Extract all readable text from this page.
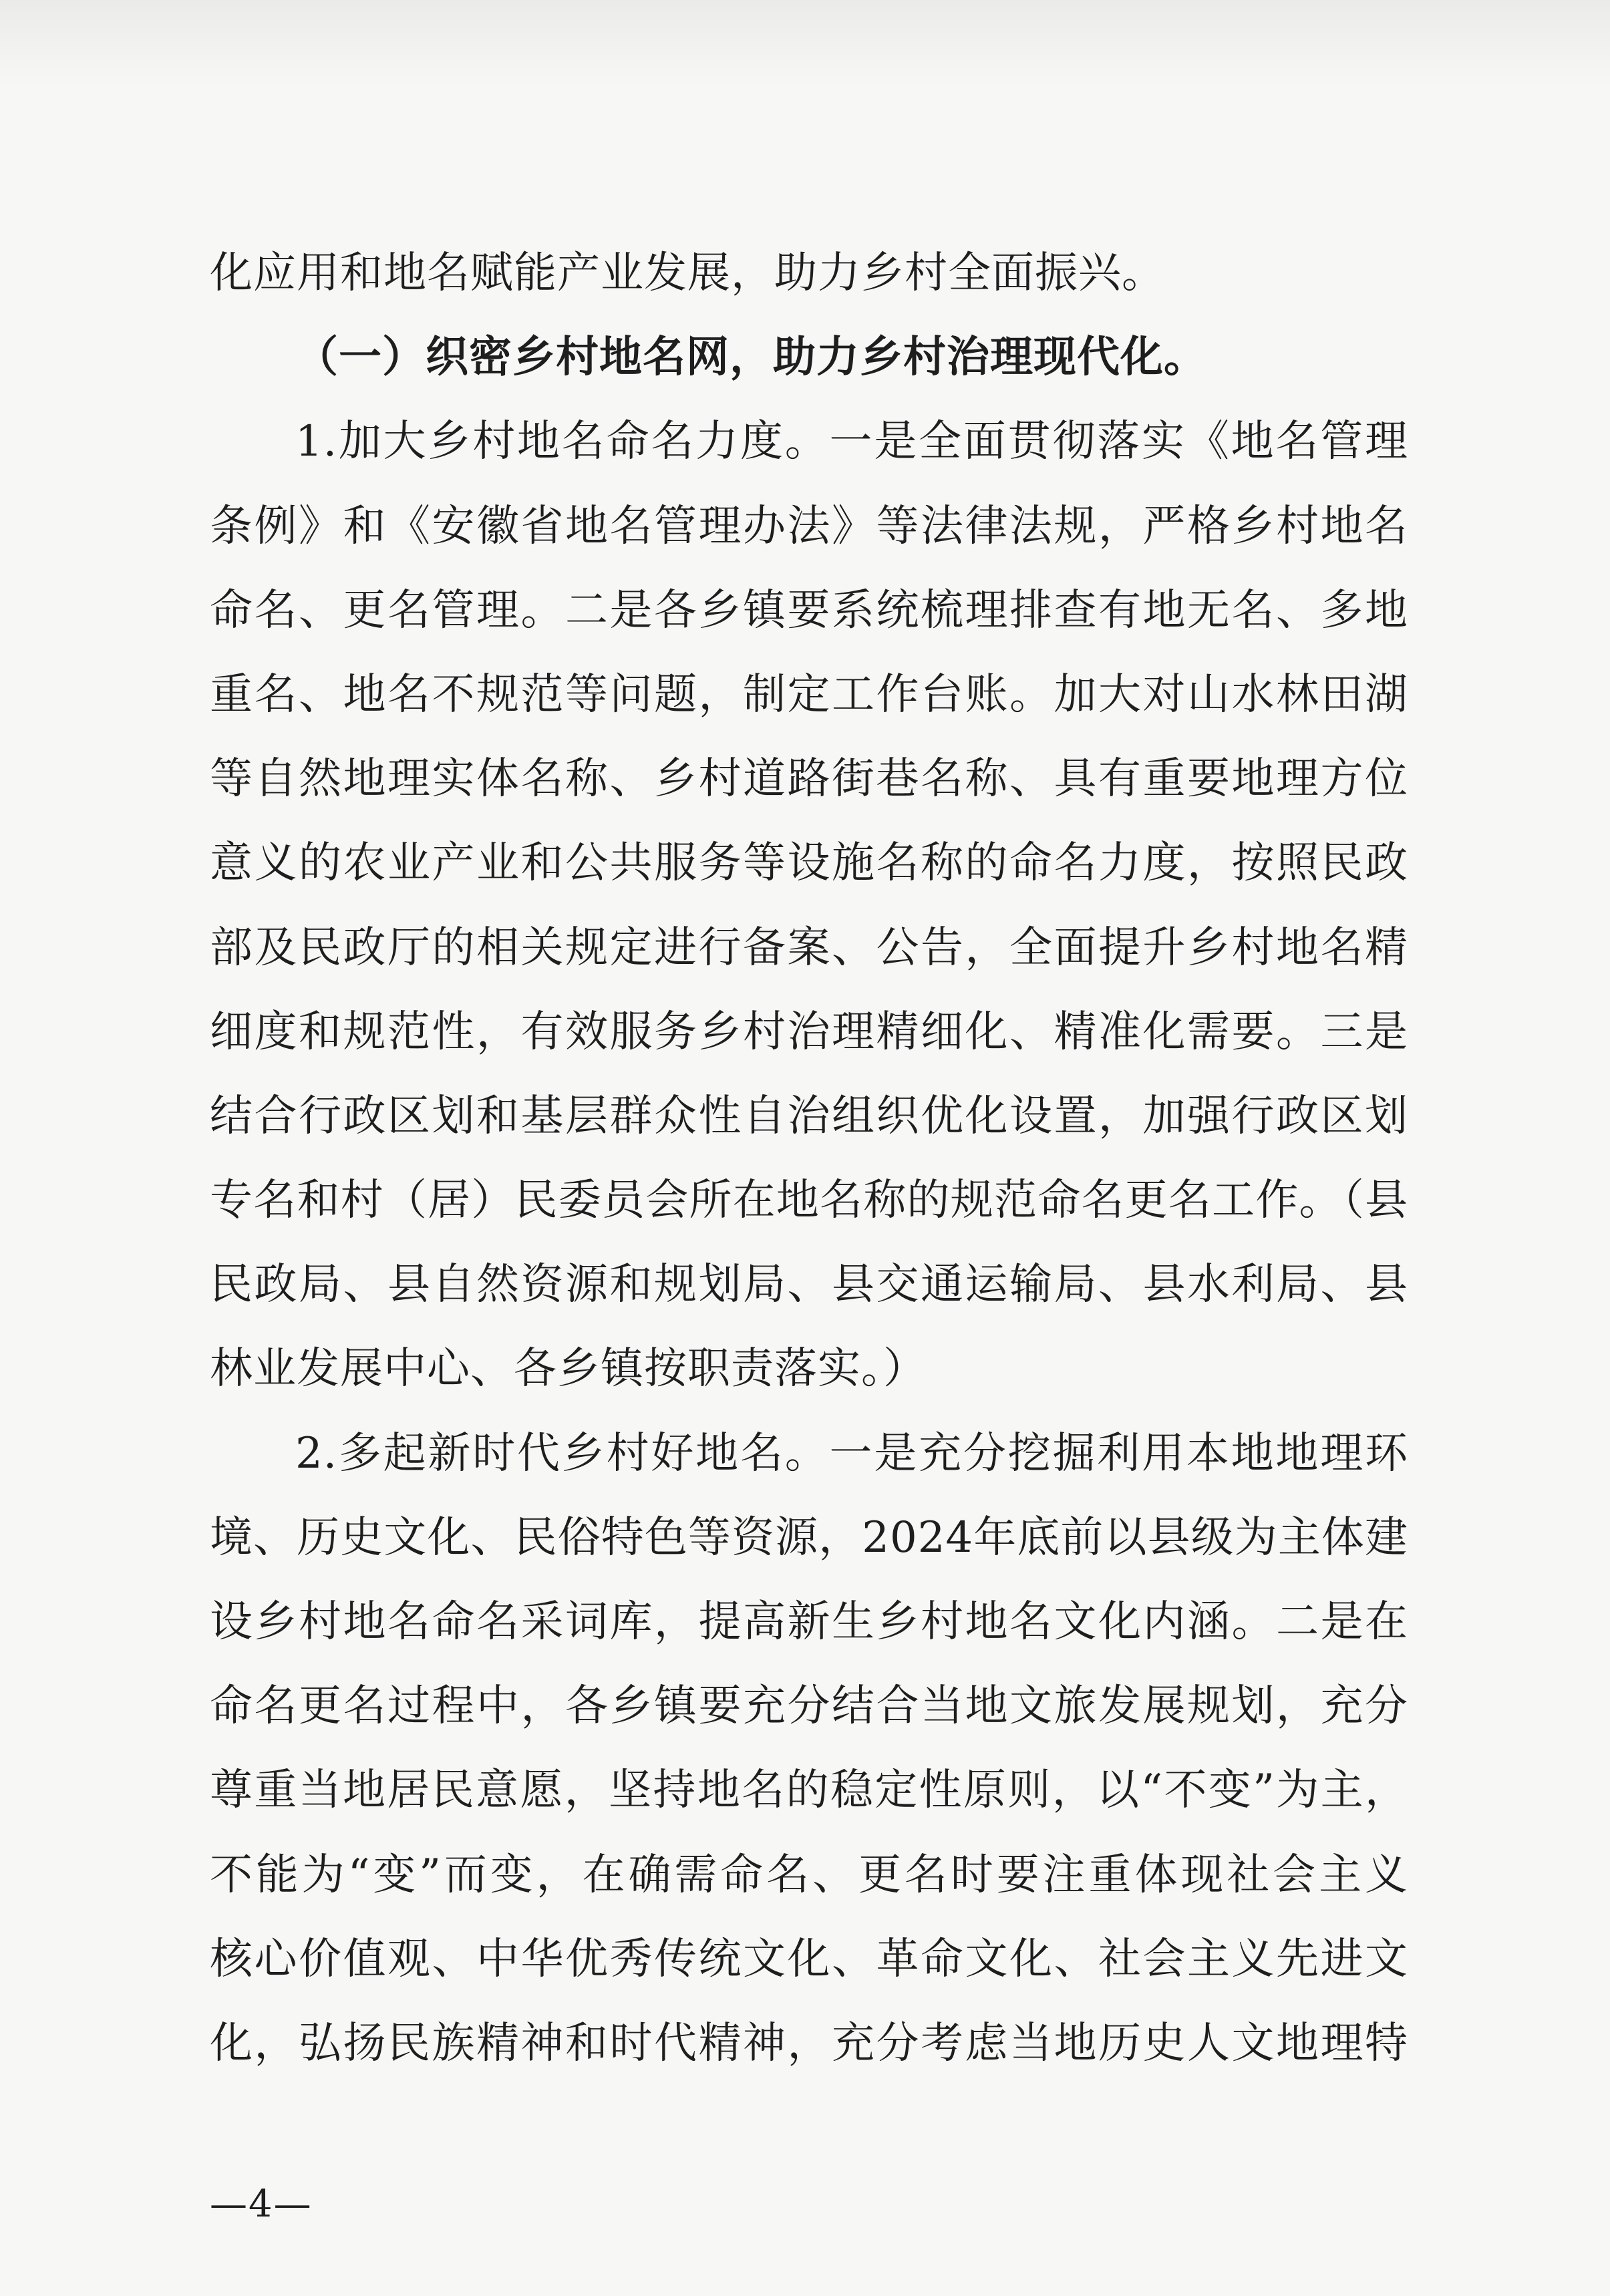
化应用和地名赋能产业发展，助力乡村全面振兴。
（一）织密乡村地名网，助力乡村治理现代化。
1.加大乡村地名命名力度。一是全面贯彻落实《地名管理
条例》和《安徽省地名管理办法》等法律法规，严格乡村地名
命名、更名管理。二是各乡镇要系统梳理排查有地无名、多地
重名、地名不规范等问题，制定工作台账。加大对山水林田湖
等自然地理实体名称、乡村道路街巷名称、具有重要地理方位
意义的农业产业和公共服务等设施名称的命名力度，按照民政
部及民政厅的相关规定进行备案、公告，全面提升乡村地名精
细度和规范性，有效服务乡村治理精细化、精准化需要。三是
结合行政区划和基层群众性自治组织优化设置，加强行政区划
专名和村（居）民委员会所在地名称的规范命名更名工作。（县
民政局、县自然资源和规划局、县交通运输局、县水利局、县
林业发展中心、各乡镇按职责落实。）
2.多起新时代乡村好地名。一是充分挖掘利用本地地理环
境、历史文化、民俗特色等资源，2024年底前以县级为主体建
设乡村地名命名采词库，提高新生乡村地名文化内涵。二是在
命名更名过程中，各乡镇要充分结合当地文旅发展规划，充分
尊重当地居民意愿，坚持地名的稳定性原则，以“不变”为主，
不能为“变”而变，在确需命名、更名时要注重体现社会主义
核心价值观、中华优秀传统文化、革命文化、社会主义先进文
化，弘扬民族精神和时代精神，充分考虑当地历史人文地理特
—4—
